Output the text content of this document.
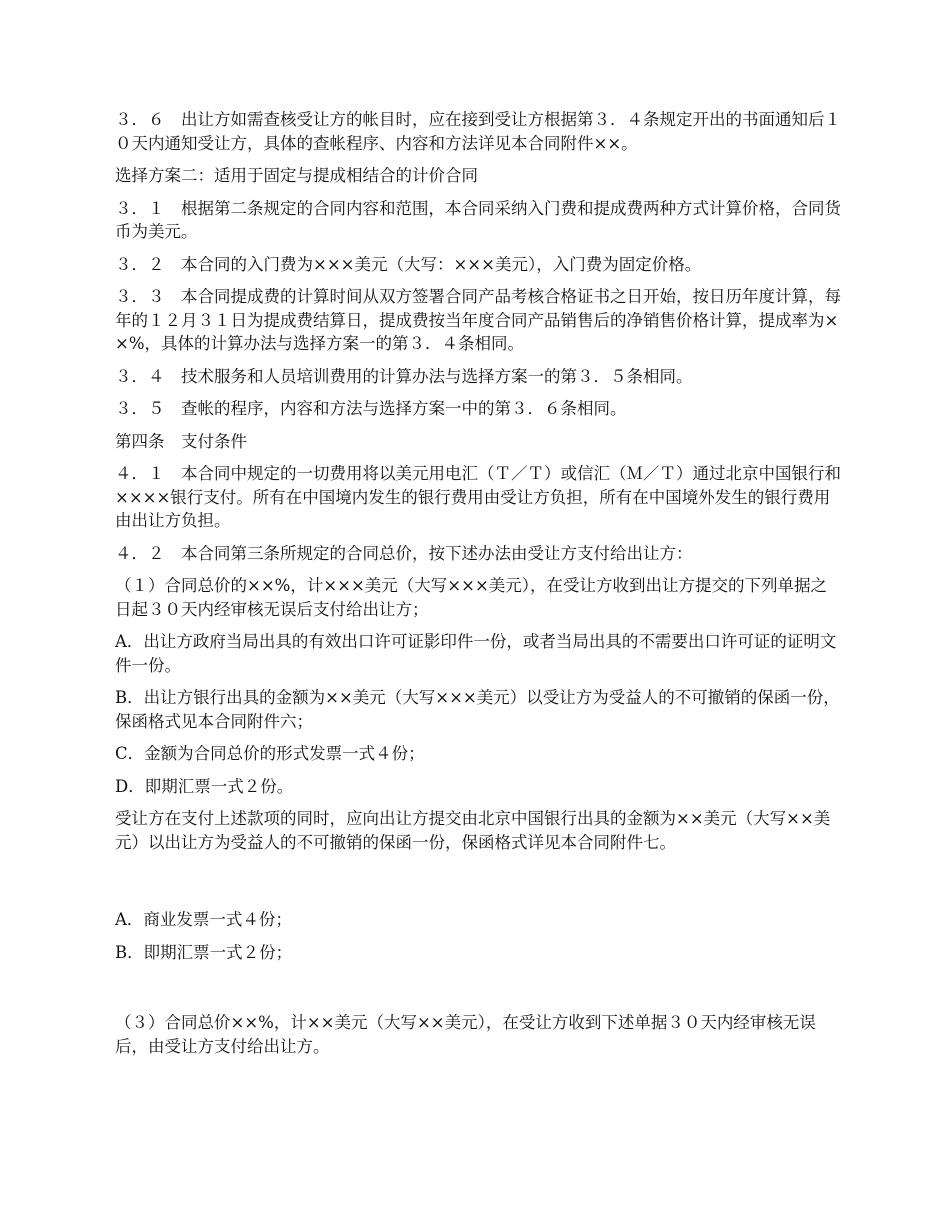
３．６　出让方如需查核受让方的帐目时，应在接到受让方根据第３．４条规定开出的书面通知后１０天内通知受让方，具体的查帐程序、内容和方法详见本合同附件××。

选择方案二：适用于固定与提成相结合的计价合同

３．１　根据第二条规定的合同内容和范围，本合同采纳入门费和提成费两种方式计算价格，合同货币为美元。

３．２　本合同的入门费为×××美元（大写：×××美元），入门费为固定价格。

３．３　本合同提成费的计算时间从双方签署合同产品考核合格证书之日开始，按日历年度计算，每年的１２月３１日为提成费结算日，提成费按当年度合同产品销售后的净销售价格计算，提成率为××%，具体的计算办法与选择方案一的第３．４条相同。

３．４　技术服务和人员培训费用的计算办法与选择方案一的第３．５条相同。

３．５　查帐的程序，内容和方法与选择方案一中的第３．６条相同。

第四条　支付条件

４．１　本合同中规定的一切费用将以美元用电汇（Ｔ／Ｔ）或信汇（Ｍ／Ｔ）通过北京中国银行和××××银行支付。所有在中国境内发生的银行费用由受让方负担，所有在中国境外发生的银行费用由出让方负担。

４．２　本合同第三条所规定的合同总价，按下述办法由受让方支付给出让方：

（１）合同总价的××%，计×××美元（大写×××美元），在受让方收到出让方提交的下列单据之日起３０天内经审核无误后支付给出让方；

A．出让方政府当局出具的有效出口许可证影印件一份，或者当局出具的不需要出口许可证的证明文件一份。

B．出让方银行出具的金额为××美元（大写×××美元）以受让方为受益人的不可撤销的保函一份，保函格式见本合同附件六；

C．金额为合同总价的形式发票一式４份；

D．即期汇票一式２份。

受让方在支付上述款项的同时，应向出让方提交由北京中国银行出具的金额为××美元（大写××美元）以出让方为受益人的不可撤销的保函一份，保函格式详见本合同附件七。

A．商业发票一式４份；

B．即期汇票一式２份；

（３）合同总价××%，计××美元（大写××美元），在受让方收到下述单据３０天内经审核无误后，由受让方支付给出让方。
